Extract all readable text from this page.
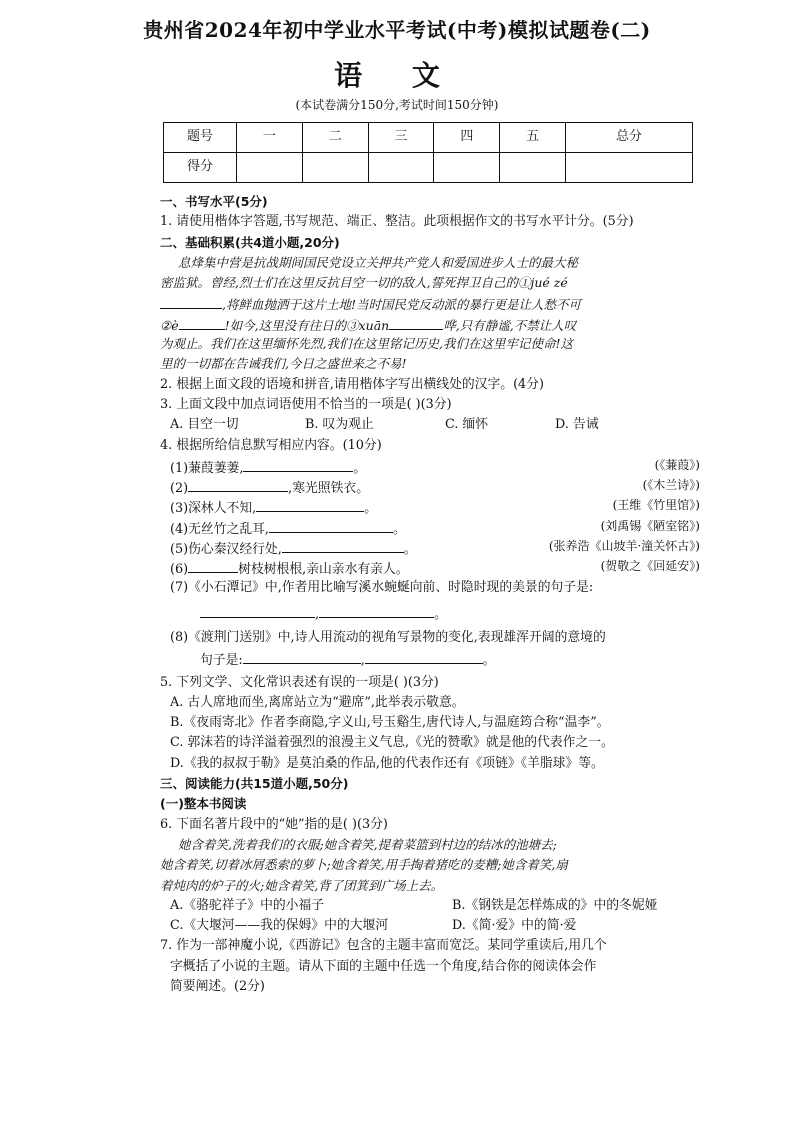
贵州省2024年初中学业水平考试(中考)模拟试题卷(二)
语 文
(本试卷满分150分,考试时间150分钟)
题号	一	二	三	四	五	总分
得分						
一、书写水平(5分)
1. 请使用楷体字答题,书写规范、端正、整洁。此项根据作文的书写水平计分。(5分)
二、基础积累(共4道小题,20分)
息烽集中营是抗战期间国民党设立关押共产党人和爱国进步人士的最大秘
密监狱。曾经,烈士们在这里反抗目空一切的敌人,誓死捍卫自己的①jué zé
,将鲜血抛洒于这片土地!当时国民党反动派的暴行更是让人愁不可
②è	!如今,这里没有往日的③xuān	哗,只有静谧,不禁让人叹
为观止。我们在这里缅怀先烈,我们在这里铭记历史,我们在这里牢记使命!这
里的一切都在告诫我们,今日之盛世来之不易!
2. 根据上面文段的语境和拼音,请用楷体字写出横线处的汉字。(4分)
3. 上面文段中加点词语使用不恰当的一项是( )(3分)
A. 目空一切	B. 叹为观止	C. 缅怀	D. 告诫
4. 根据所给信息默写相应内容。(10分)
(1)蒹葭萋萋,	。	(《蒹葭》)
(2)	,寒光照铁衣。	(《木兰诗》)
(3)深林人不知,	。	(王维《竹里馆》)
(4)无丝竹之乱耳,	。	(刘禹锡《陋室铭》)
(5)伤心秦汉经行处,	。	(张养浩《山坡羊·潼关怀古》)
(6)	树枝树根根,亲山亲水有亲人。	(贺敬之《回延安》)
(7)《小石潭记》中,作者用比喻写溪水蜿蜒向前、时隐时现的美景的句子是:
,	。
(8)《渡荆门送别》中,诗人用流动的视角写景物的变化,表现雄浑开阔的意境的
句子是:	,	。
5. 下列文学、文化常识表述有误的一项是( )(3分)
A. 古人席地而坐,离席站立为“避席”,此举表示敬意。
B.《夜雨寄北》作者李商隐,字义山,号玉谿生,唐代诗人,与温庭筠合称“温李”。
C. 郭沫若的诗洋溢着强烈的浪漫主义气息,《光的赞歌》就是他的代表作之一。
D.《我的叔叔于勒》是莫泊桑的作品,他的代表作还有《项链》《羊脂球》等。
三、阅读能力(共15道小题,50分)
(一)整本书阅读
6. 下面名著片段中的“她”指的是( )(3分)
她含着笑,洗着我们的衣服;她含着笑,提着菜篮到村边的结冰的池塘去;
她含着笑,切着冰屑悉索的萝卜;她含着笑,用手掏着猪吃的麦糟;她含着笑,扇
着炖肉的炉子的火;她含着笑,背了团箕到广场上去。
A.《骆驼祥子》中的小福子	B.《钢铁是怎样炼成的》中的冬妮娅
C.《大堰河——我的保姆》中的大堰河	D.《简·爱》中的简·爱
7. 作为一部神魔小说,《西游记》包含的主题丰富而宽泛。某同学重读后,用几个
字概括了小说的主题。请从下面的主题中任选一个角度,结合你的阅读体会作
简要阐述。(2分)
